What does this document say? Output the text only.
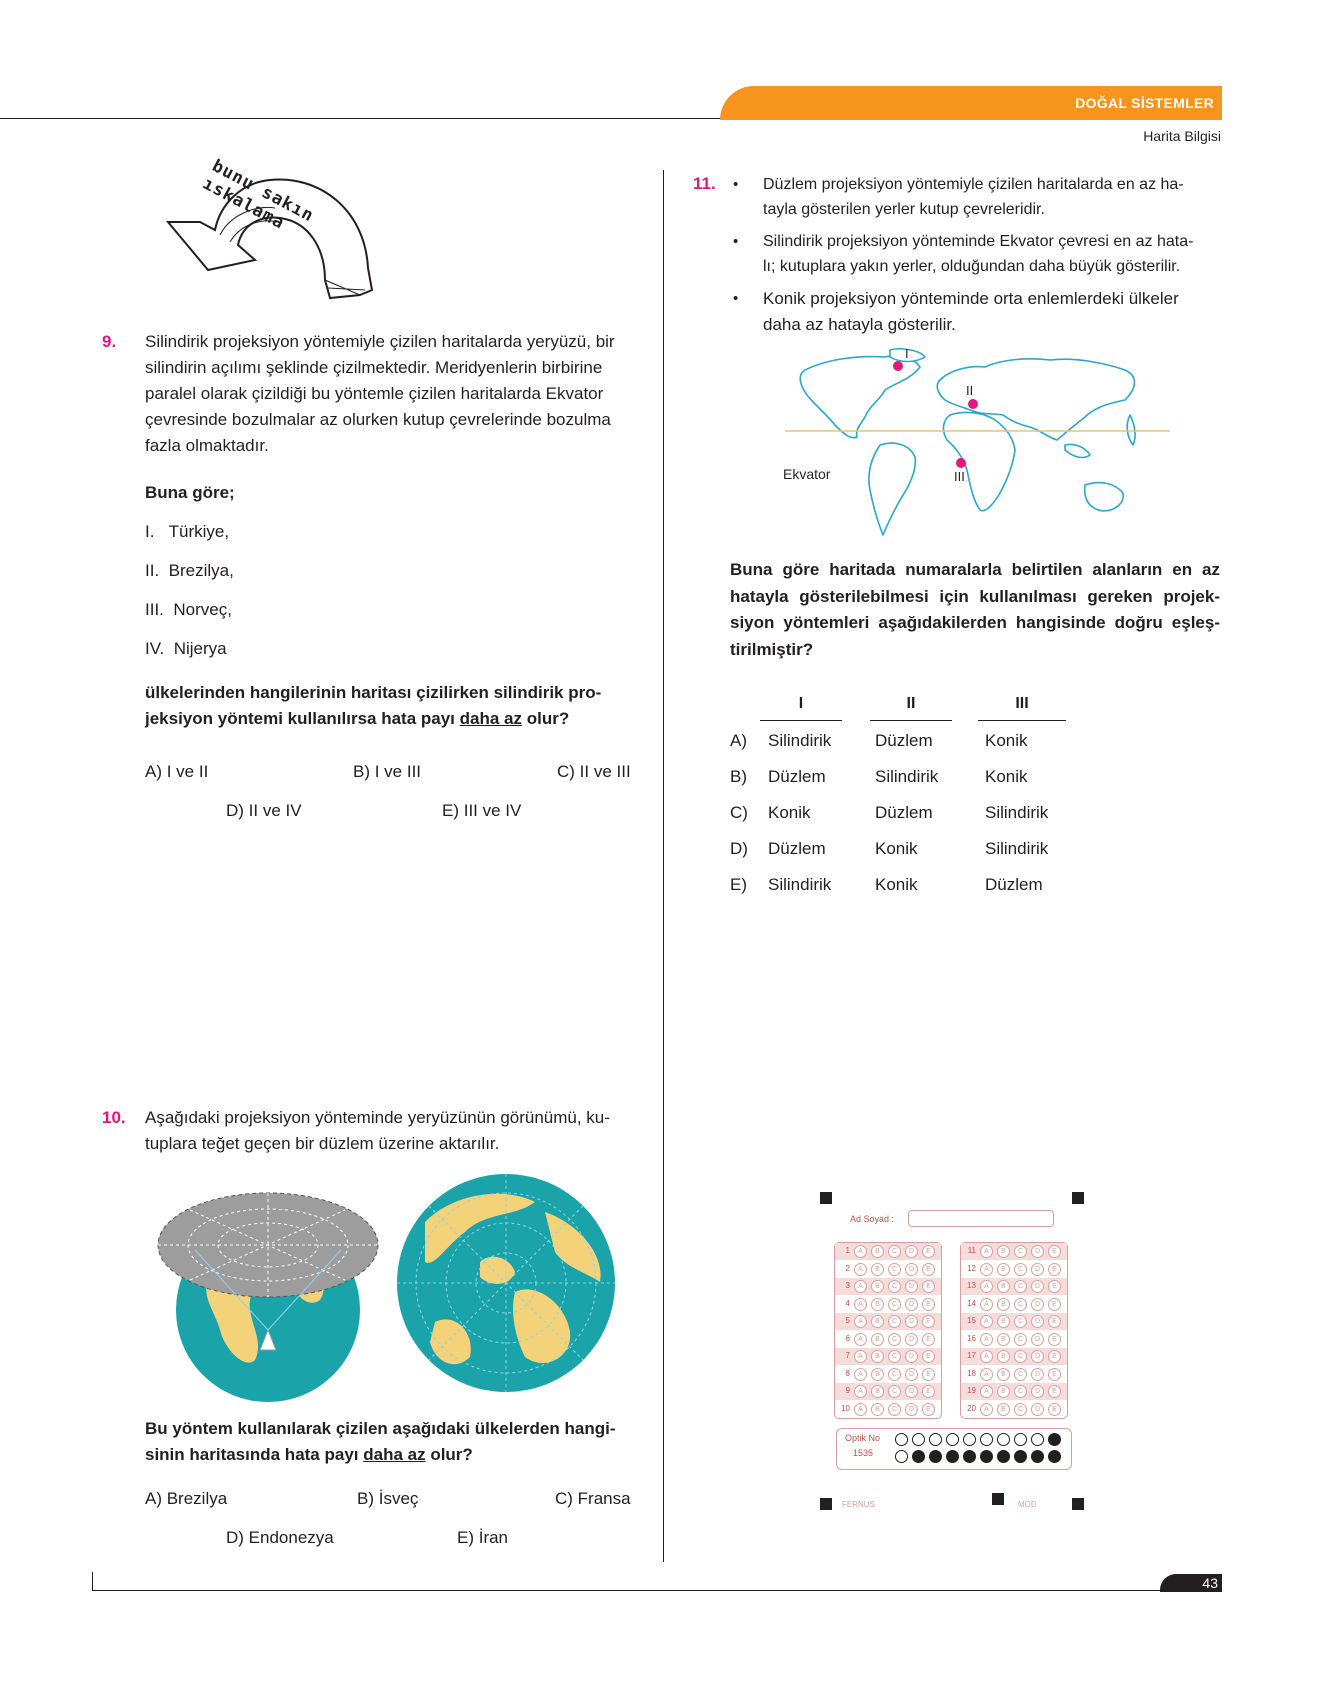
DOĞAL SİSTEMLER
Harita Bilgisi
bunu sakın ıskalama
9. Silindirik projeksiyon yöntemiyle çizilen haritalarda yeryüzü, bir
silindirin açılımı şeklinde çizilmektedir. Meridyenlerin birbirine
paralel olarak çizildiği bu yöntemle çizilen haritalarda Ekvator
çevresinde bozulmalar az olurken kutup çevrelerinde bozulma
fazla olmaktadır.
Buna göre;
I. Türkiye,
II. Brezilya,
III. Norveç,
IV. Nijerya
ülkelerinden hangilerinin haritası çizilirken silindirik pro-
jeksiyon yöntemi kullanılırsa hata payı daha az olur?
A) I ve II	B) I ve III	C) II ve III
D) II ve IV	E) III ve IV
10. Aşağıdaki projeksiyon yönteminde yeryüzünün görünümü, ku-
tuplara teğet geçen bir düzlem üzerine aktarılır.
Bu yöntem kullanılarak çizilen aşağıdaki ülkelerden hangi-
sinin haritasında hata payı daha az olur?
A) Brezilya	B) İsveç	C) Fransa
D) Endonezya	E) İran
11. • Düzlem projeksiyon yöntemiyle çizilen haritalarda en az ha-
tayla gösterilen yerler kutup çevreleridir.
• Silindirik projeksiyon yönteminde Ekvator çevresi en az hata-
lı; kutuplara yakın yerler, olduğundan daha büyük gösterilir.
• Konik projeksiyon yönteminde orta enlemlerdeki ülkeler
daha az hatayla gösterilir.
I
II
III
Ekvator
Buna göre haritada numaralarla belirtilen alanların en az
hatayla gösterilebilmesi için kullanılması gereken projek-
siyon yöntemleri aşağıdakilerden hangisinde doğru eşleş-
tirilmiştir?
I	II	III
A) Silindirik	Düzlem	Konik
B) Düzlem	Silindirik	Konik
C) Konik	Düzlem	Silindirik
D) Düzlem	Konik	Silindirik
E) Silindirik	Konik	Düzlem
Ad Soyad :
1	A	B	C	D	E
2	A	B	C	D	E
3	A	B	C	D	E
4	A	B	C	D	E
5	A	B	C	D	E
6	A	B	C	D	E
7	A	B	C	D	E
8	A	B	C	D	E
9	A	B	C	D	E
10	A	B	C	D	E
11	A	B	C	D	E
12	A	B	C	D	E
13	A	B	C	D	E
14	A	B	C	D	E
15	A	B	C	D	E
16	A	B	C	D	E
17	A	B	C	D	E
18	A	B	C	D	E
19	A	B	C	D	E
20	A	B	C	D	E
Optik No
1535
FERNUS	MOD
43
